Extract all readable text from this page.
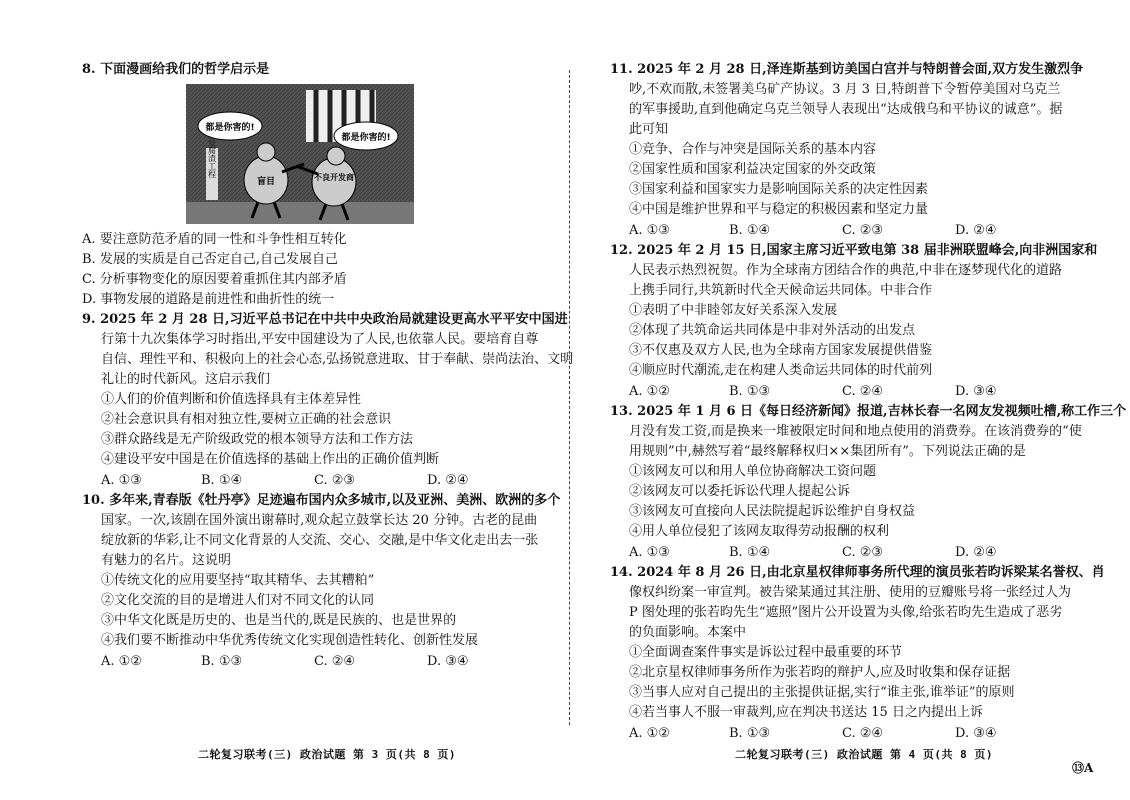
8. 下面漫画给我们的哲学启示是
都是你害的!
都是你害的!
豆腐渣工程
盲目	不良开发商
A. 要注意防范矛盾的同一性和斗争性相互转化
B. 发展的实质是自己否定自己,自己发展自己
C. 分析事物变化的原因要着重抓住其内部矛盾
D. 事物发展的道路是前进性和曲折性的统一
9. 2025 年 2 月 28 日,习近平总书记在中共中央政治局就建设更高水平平安中国进
行第十九次集体学习时指出,平安中国建设为了人民,也依靠人民。要培育自尊
自信、理性平和、积极向上的社会心态,弘扬锐意进取、甘于奉献、崇尚法治、文明
礼让的时代新风。这启示我们
①人们的价值判断和价值选择具有主体差异性
②社会意识具有相对独立性,要树立正确的社会意识
③群众路线是无产阶级政党的根本领导方法和工作方法
④建设平安中国是在价值选择的基础上作出的正确价值判断
A. ①③	B. ①④	C. ②③	D. ②④
10. 多年来,青春版《牡丹亭》足迹遍布国内众多城市,以及亚洲、美洲、欧洲的多个
国家。一次,该剧在国外演出谢幕时,观众起立鼓掌长达 20 分钟。古老的昆曲
绽放新的华彩,让不同文化背景的人交流、交心、交融,是中华文化走出去一张
有魅力的名片。这说明
①传统文化的应用要坚持“取其精华、去其糟粕”
②文化交流的目的是增进人们对不同文化的认同
③中华文化既是历史的、也是当代的,既是民族的、也是世界的
④我们要不断推动中华优秀传统文化实现创造性转化、创新性发展
A. ①②	B. ①③	C. ②④	D. ③④
11. 2025 年 2 月 28 日,泽连斯基到访美国白宫并与特朗普会面,双方发生激烈争
吵,不欢而散,未签署美乌矿产协议。3 月 3 日,特朗普下令暂停美国对乌克兰
的军事援助,直到他确定乌克兰领导人表现出“达成俄乌和平协议的诚意”。据
此可知
①竞争、合作与冲突是国际关系的基本内容
②国家性质和国家利益决定国家的外交政策
③国家利益和国家实力是影响国际关系的决定性因素
④中国是维护世界和平与稳定的积极因素和坚定力量
A. ①③	B. ①④	C. ②③	D. ②④
12. 2025 年 2 月 15 日,国家主席习近平致电第 38 届非洲联盟峰会,向非洲国家和
人民表示热烈祝贺。作为全球南方团结合作的典范,中非在逐梦现代化的道路
上携手同行,共筑新时代全天候命运共同体。中非合作
①表明了中非睦邻友好关系深入发展
②体现了共筑命运共同体是中非对外活动的出发点
③不仅惠及双方人民,也为全球南方国家发展提供借鉴
④顺应时代潮流,走在构建人类命运共同体的时代前列
A. ①②	B. ①③	C. ②④	D. ③④
13. 2025 年 1 月 6 日《每日经济新闻》报道,吉林长春一名网友发视频吐槽,称工作三个
月没有发工资,而是换来一堆被限定时间和地点使用的消费券。在该消费券的“使
用规则”中,赫然写着“最终解释权归××集团所有”。下列说法正确的是
①该网友可以和用人单位协商解决工资问题
②该网友可以委托诉讼代理人提起公诉
③该网友可直接向人民法院提起诉讼维护自身权益
④用人单位侵犯了该网友取得劳动报酬的权利
A. ①③	B. ①④	C. ②③	D. ②④
14. 2024 年 8 月 26 日,由北京星权律师事务所代理的演员张若昀诉梁某名誉权、肖
像权纠纷案一审宣判。被告梁某通过其注册、使用的豆瓣账号将一张经过人为
P 图处理的张若昀先生“遮照”图片公开设置为头像,给张若昀先生造成了恶劣
的负面影响。本案中
①全面调查案件事实是诉讼过程中最重要的环节
②北京星权律师事务所作为张若昀的辩护人,应及时收集和保存证据
③当事人应对自己提出的主张提供证据,实行“谁主张,谁举证”的原则
④若当事人不服一审裁判,应在判决书送达 15 日之内提出上诉
A. ①②	B. ①③	C. ②④	D. ③④
二轮复习联考(三) 政治试题 第 3 页(共 8 页)	二轮复习联考(三) 政治试题 第 4 页(共 8 页)
⑬A
